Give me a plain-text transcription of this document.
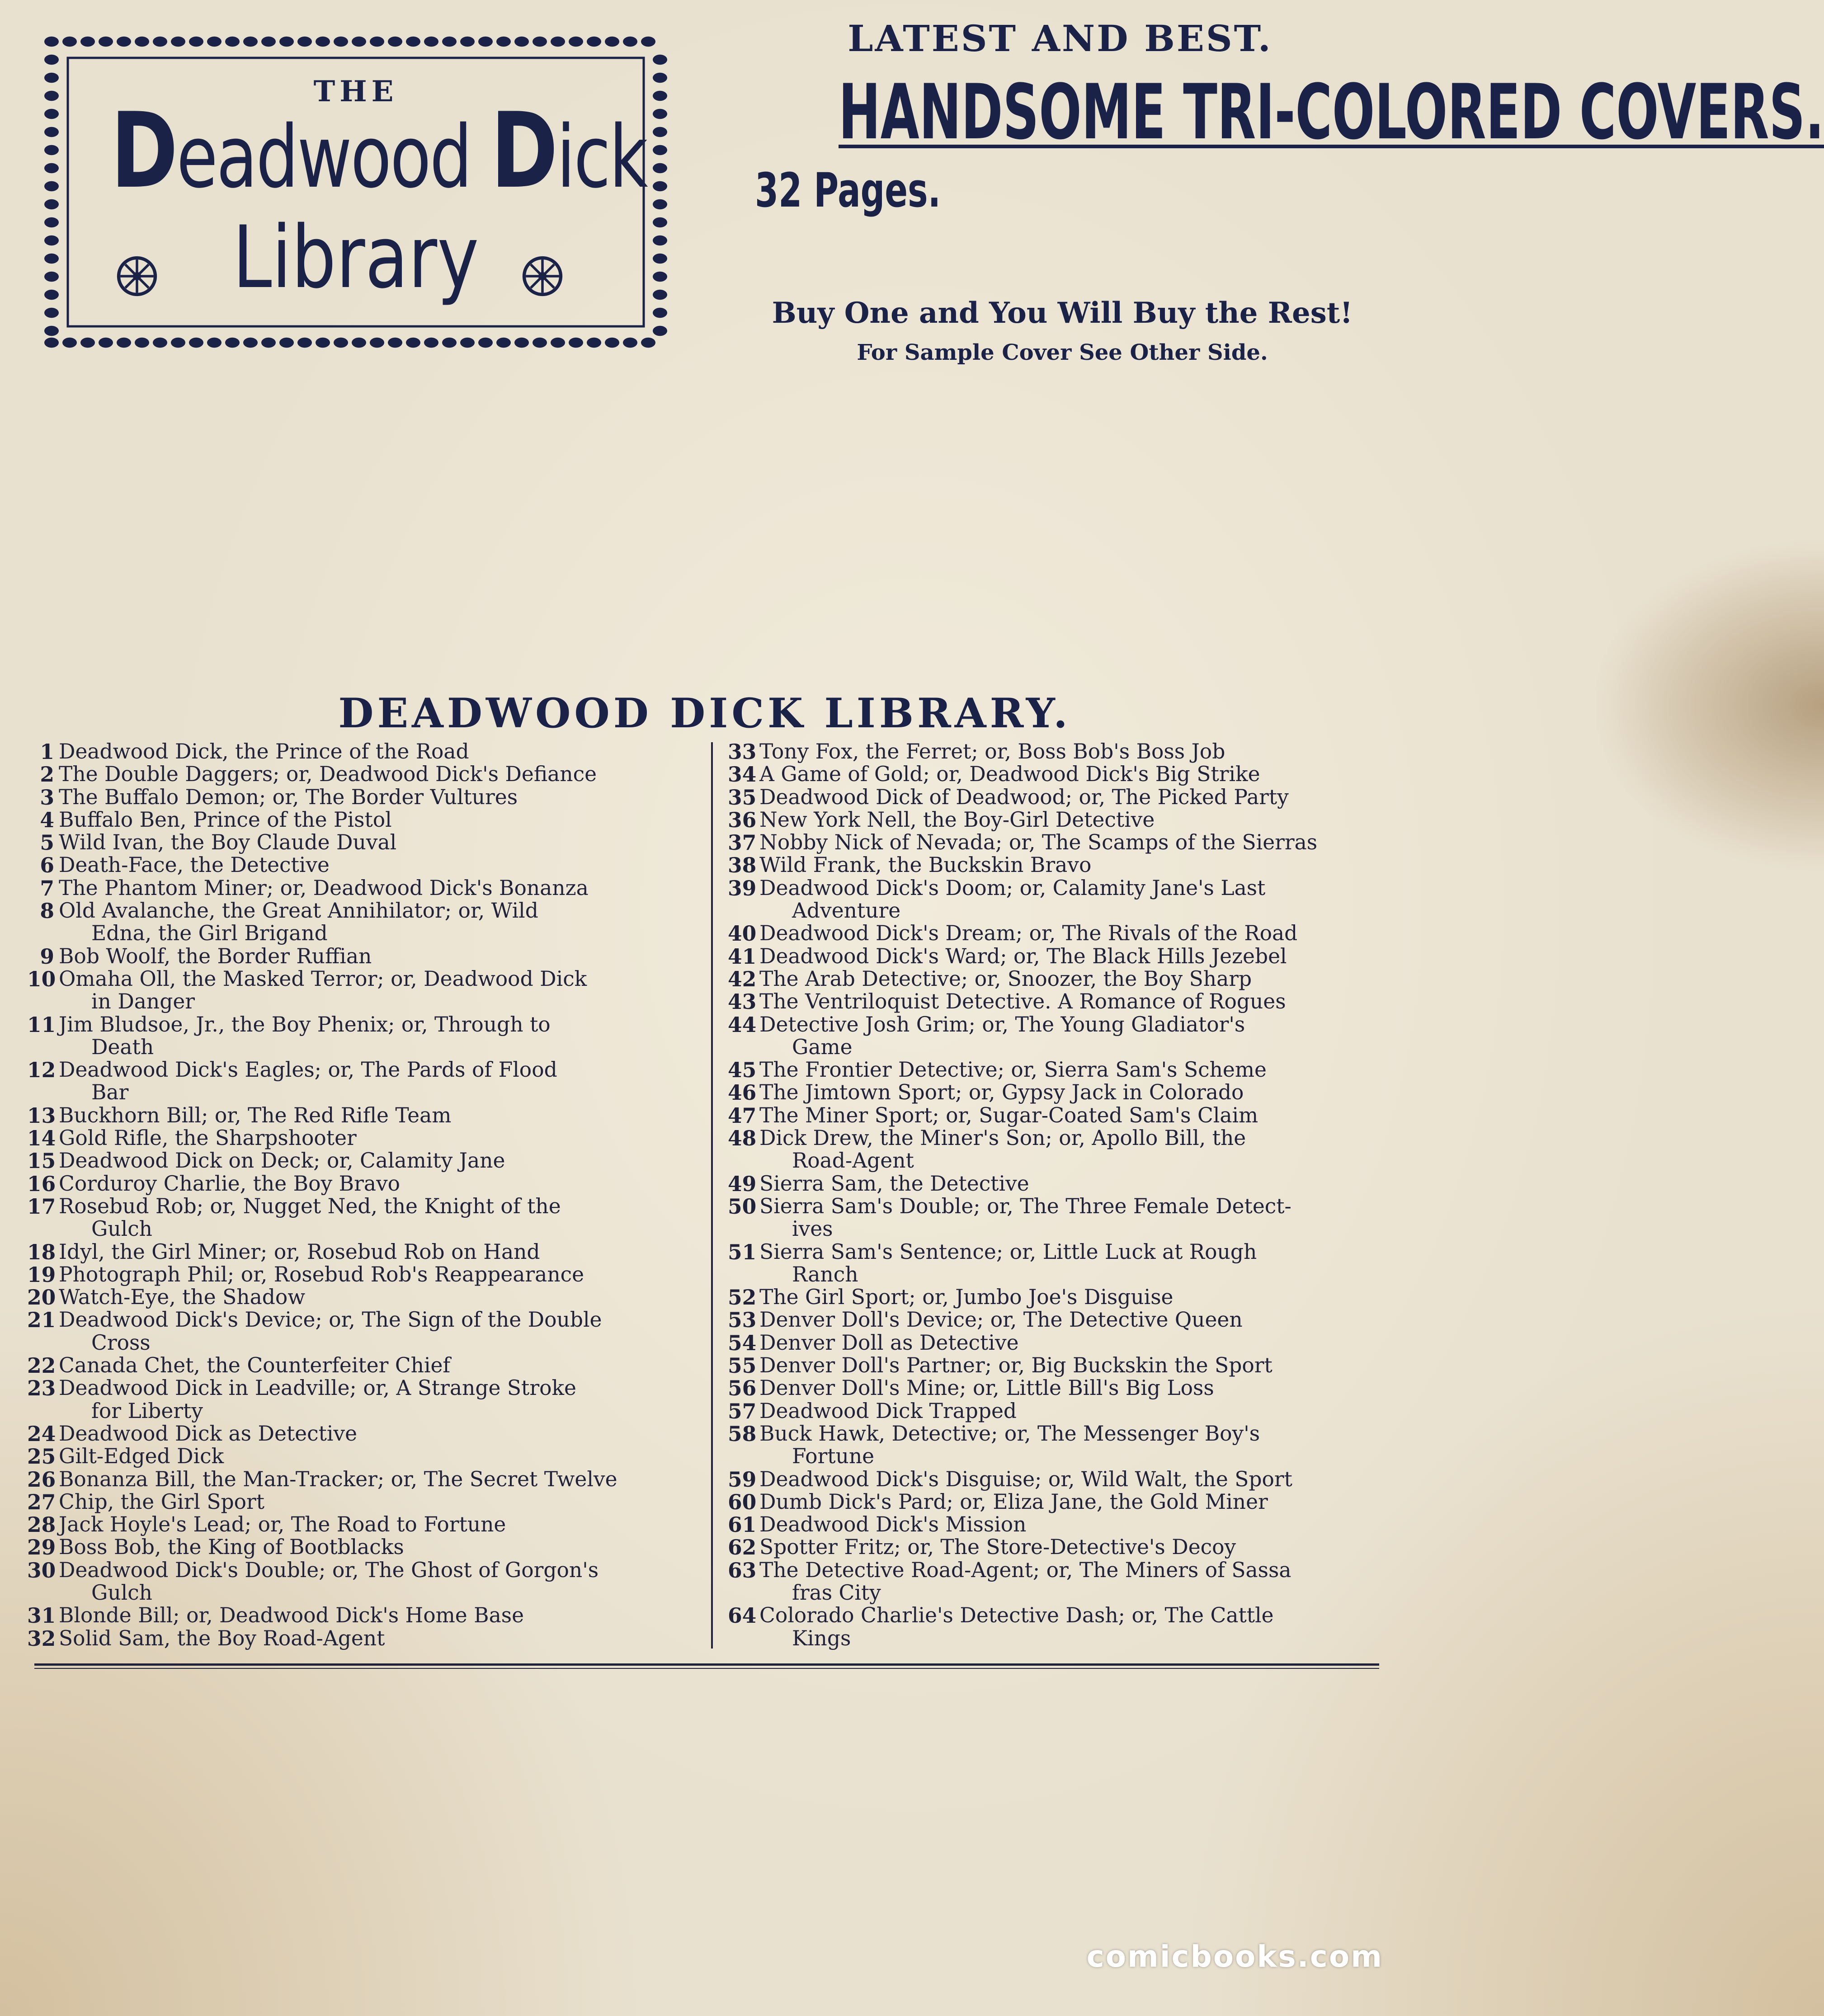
THE
Deadwood Dick
Library
LATEST AND BEST.
HANDSOME TRI-COLORED COVERS.
32 Pages.
Buy One and You Will Buy the Rest!
For Sample Cover See Other Side.
DEADWOOD DICK LIBRARY.
1 Deadwood Dick, the Prince of the Road
2 The Double Daggers; or, Deadwood Dick's Defiance
3 The Buffalo Demon; or, The Border Vultures
4 Buffalo Ben, Prince of the Pistol
5 Wild Ivan, the Boy Claude Duval
6 Death-Face, the Detective
7 The Phantom Miner; or, Deadwood Dick's Bonanza
8 Old Avalanche, the Great Annihilator; or, Wild
Edna, the Girl Brigand
9 Bob Woolf, the Border Ruffian
10 Omaha Oll, the Masked Terror; or, Deadwood Dick
in Danger
11 Jim Bludsoe, Jr., the Boy Phenix; or, Through to
Death
12 Deadwood Dick's Eagles; or, The Pards of Flood
Bar
13 Buckhorn Bill; or, The Red Rifle Team
14 Gold Rifle, the Sharpshooter
15 Deadwood Dick on Deck; or, Calamity Jane
16 Corduroy Charlie, the Boy Bravo
17 Rosebud Rob; or, Nugget Ned, the Knight of the
Gulch
18 Idyl, the Girl Miner; or, Rosebud Rob on Hand
19 Photograph Phil; or, Rosebud Rob's Reappearance
20 Watch-Eye, the Shadow
21 Deadwood Dick's Device; or, The Sign of the Double
Cross
22 Canada Chet, the Counterfeiter Chief
23 Deadwood Dick in Leadville; or, A Strange Stroke
for Liberty
24 Deadwood Dick as Detective
25 Gilt-Edged Dick
26 Bonanza Bill, the Man-Tracker; or, The Secret Twelve
27 Chip, the Girl Sport
28 Jack Hoyle's Lead; or, The Road to Fortune
29 Boss Bob, the King of Bootblacks
30 Deadwood Dick's Double; or, The Ghost of Gorgon's
Gulch
31 Blonde Bill; or, Deadwood Dick's Home Base
32 Solid Sam, the Boy Road-Agent
33 Tony Fox, the Ferret; or, Boss Bob's Boss Job
34 A Game of Gold; or, Deadwood Dick's Big Strike
35 Deadwood Dick of Deadwood; or, The Picked Party
36 New York Nell, the Boy-Girl Detective
37 Nobby Nick of Nevada; or, The Scamps of the Sierras
38 Wild Frank, the Buckskin Bravo
39 Deadwood Dick's Doom; or, Calamity Jane's Last
Adventure
40 Deadwood Dick's Dream; or, The Rivals of the Road
41 Deadwood Dick's Ward; or, The Black Hills Jezebel
42 The Arab Detective; or, Snoozer, the Boy Sharp
43 The Ventriloquist Detective. A Romance of Rogues
44 Detective Josh Grim; or, The Young Gladiator's
Game
45 The Frontier Detective; or, Sierra Sam's Scheme
46 The Jimtown Sport; or, Gypsy Jack in Colorado
47 The Miner Sport; or, Sugar-Coated Sam's Claim
48 Dick Drew, the Miner's Son; or, Apollo Bill, the
Road-Agent
49 Sierra Sam, the Detective
50 Sierra Sam's Double; or, The Three Female Detect-
ives
51 Sierra Sam's Sentence; or, Little Luck at Rough
Ranch
52 The Girl Sport; or, Jumbo Joe's Disguise
53 Denver Doll's Device; or, The Detective Queen
54 Denver Doll as Detective
55 Denver Doll's Partner; or, Big Buckskin the Sport
56 Denver Doll's Mine; or, Little Bill's Big Loss
57 Deadwood Dick Trapped
58 Buck Hawk, Detective; or, The Messenger Boy's
Fortune
59 Deadwood Dick's Disguise; or, Wild Walt, the Sport
60 Dumb Dick's Pard; or, Eliza Jane, the Gold Miner
61 Deadwood Dick's Mission
62 Spotter Fritz; or, The Store-Detective's Decoy
63 The Detective Road-Agent; or, The Miners of Sassa
fras City
64 Colorado Charlie's Detective Dash; or, The Cattle
Kings
comicbooks.com
